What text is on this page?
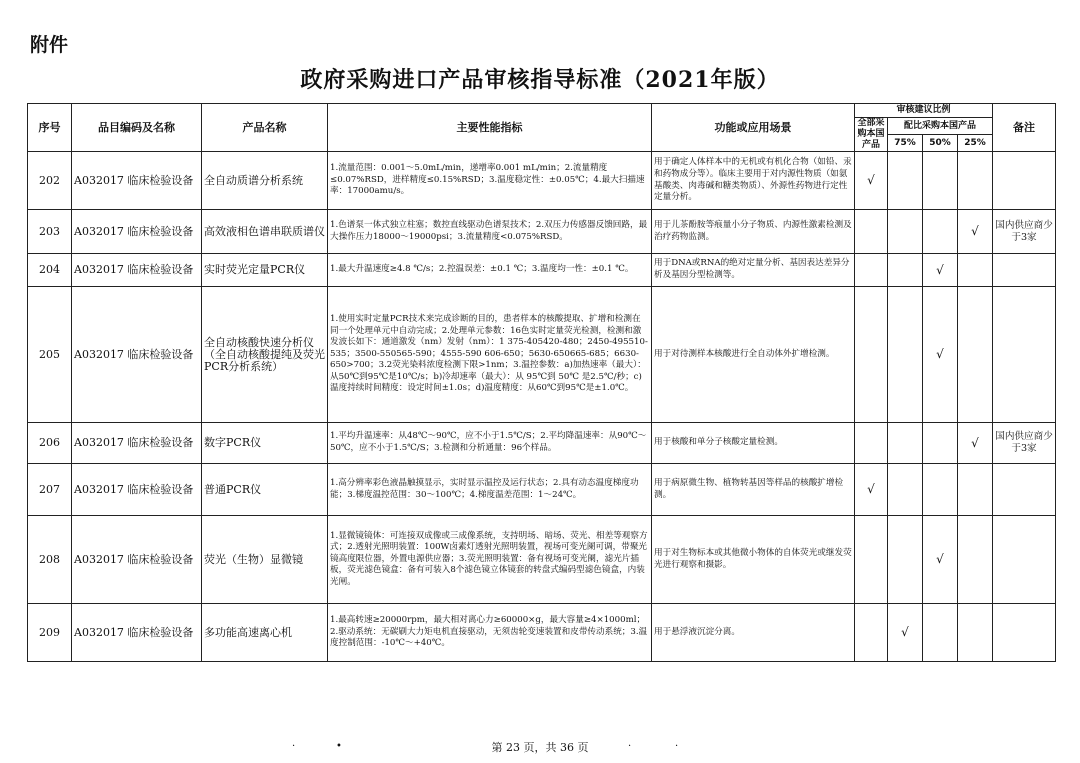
附件
政府采购进口产品审核指导标准（2021年版）
序号	品目编码及名称	产品名称	主要性能指标	功能或应用场景	审核建议比例				备注
					全部采购本国产品	配比采购本国产品			
						75%	50%	25%	
202	A032017 临床检验设备	全自动质谱分析系统	1.流量范围：0.001～5.0mL/min，递增率0.001 mL/min；2.流量精度≤0.07%RSD，进样精度≤0.15%RSD；3.温度稳定性：±0.05℃；4.最大扫描速率：17000amu/s。	用于确定人体样本中的无机或有机化合物（如铅、汞和药物成分等）。临床主要用于对内源性物质（如氨基酸类、肉毒碱和糖类物质）、外源性药物进行定性定量分析。	√				
203	A032017 临床检验设备	高效液相色谱串联质谱仪	1.色谱泵一体式独立柱塞；数控直线驱动色谱泵技术；2.双压力传感器反馈回路，最大操作压力18000～19000psi；3.流量精度<0.075%RSD。	用于儿茶酚胺等痕量小分子物质、内源性激素检测及治疗药物监测。				√	国内供应商少于3家
204	A032017 临床检验设备	实时荧光定量PCR仪	1.最大升温速度≥4.8 ℃/s；2.控温误差：±0.1 ℃；3.温度均一性：±0.1 ℃。	用于DNA或RNA的绝对定量分析、基因表达差异分析及基因分型检测等。			√		
205	A032017 临床检验设备	全自动核酸快速分析仪（全自动核酸提纯及荧光PCR分析系统）	1.使用实时定量PCR技术来完成诊断的目的，患者样本的核酸提取、扩增和检测在同一个处理单元中自动完成；2.处理单元参数：16色实时定量荧光检测，检测和激发波长如下：通道激发（nm）发射（nm）：1 375-405420-480；2450-495510-535；3500-550565-590；4555-590 606-650；5630-650665-685；6630-650>700；3.2荧光染料浓度检测下限>1nm；3.温控参数：a)加热速率（最大）：从50℃到95℃是10℃/s；b)冷却速率（最大）：从 95℃到 50℃ 是2.5℃/秒；c)温度持续时间精度：设定时间±1.0s；d)温度精度：从60℃到95℃是±1.0℃。	用于对待测样本核酸进行全自动体外扩增检测。			√		
206	A032017 临床检验设备	数字PCR仪	1.平均升温速率：从48℃～90℃，应不小于1.5℃/S；2.平均降温速率：从90℃～50℃，应不小于1.5℃/S；3.检测和分析通量：96个样品。	用于核酸和单分子核酸定量检测。				√	国内供应商少于3家
207	A032017 临床检验设备	普通PCR仪	1.高分辨率彩色液晶触摸显示，实时显示温控及运行状态；2.具有动态温度梯度功能；3.梯度温控范围：30～100℃；4.梯度温差范围：1～24℃。	用于病原微生物、植物转基因等样品的核酸扩增检测。	√				
208	A032017 临床检验设备	荧光（生物）显微镜	1.显微镜镜体：可连接双成像或三成像系统，支持明场、暗场、荧光、相差等观察方式；2.透射光照明装置：100W卤素灯透射光照明装置，视场可变光阑可调，带聚光镜高度限位器，外置电源供应器；3.荧光照明装置：备有视场可变光阑，滤光片插板，荧光滤色镜盒：备有可装入8个滤色镜立体镜套的转盘式编码型滤色镜盒，内装光闸。	用于对生物标本或其他微小物体的自体荧光或继发荧光进行观察和摄影。			√		
209	A032017 临床检验设备	多功能高速离心机	1.最高转速≥20000rpm，最大相对离心力≥60000×g，最大容量≥4×1000ml；2.驱动系统：无碳刷大力矩电机直接驱动，无须齿轮变速装置和皮带传动系统；3.温度控制范围：-10℃～+40℃。	用于悬浮液沉淀分离。		√			
·	•	第 23 页，共 36 页	·	·
